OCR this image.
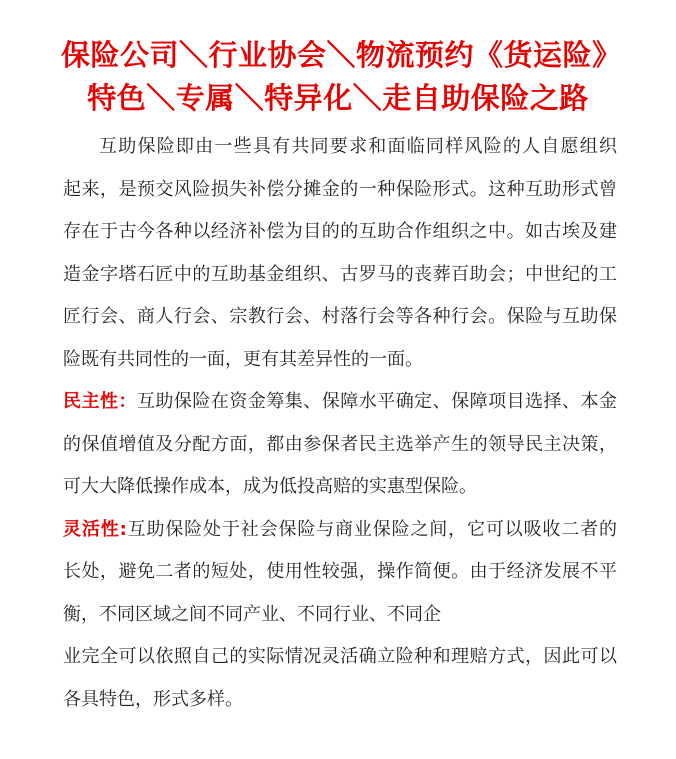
保险公司＼行业协会＼物流预约《货运险》
特色＼专属＼特异化＼走自助保险之路
互助保险即由一些具有共同要求和面临同样风险的人自愿组织
起来，是预交风险损失补偿分摊金的一种保险形式。这种互助形式曾
存在于古今各种以经济补偿为目的的互助合作组织之中。如古埃及建
造金字塔石匠中的互助基金组织、古罗马的丧葬百助会；中世纪的工
匠行会、商人行会、宗教行会、村落行会等各种行会。保险与互助保
险既有共同性的一面，更有其差异性的一面。
民主性：互助保险在资金筹集、保障水平确定、保障项目选择、本金
的保值增值及分配方面，都由参保者民主选举产生的领导民主决策，
可大大降低操作成本，成为低投高赔的实惠型保险。
灵活性:互助保险处于社会保险与商业保险之间，它可以吸收二者的
长处，避免二者的短处，使用性较强，操作简便。由于经济发展不平
衡，不同区域之间不同产业、不同行业、不同企
业完全可以依照自己的实际情况灵活确立险种和理赔方式，因此可以
各具特色，形式多样。
